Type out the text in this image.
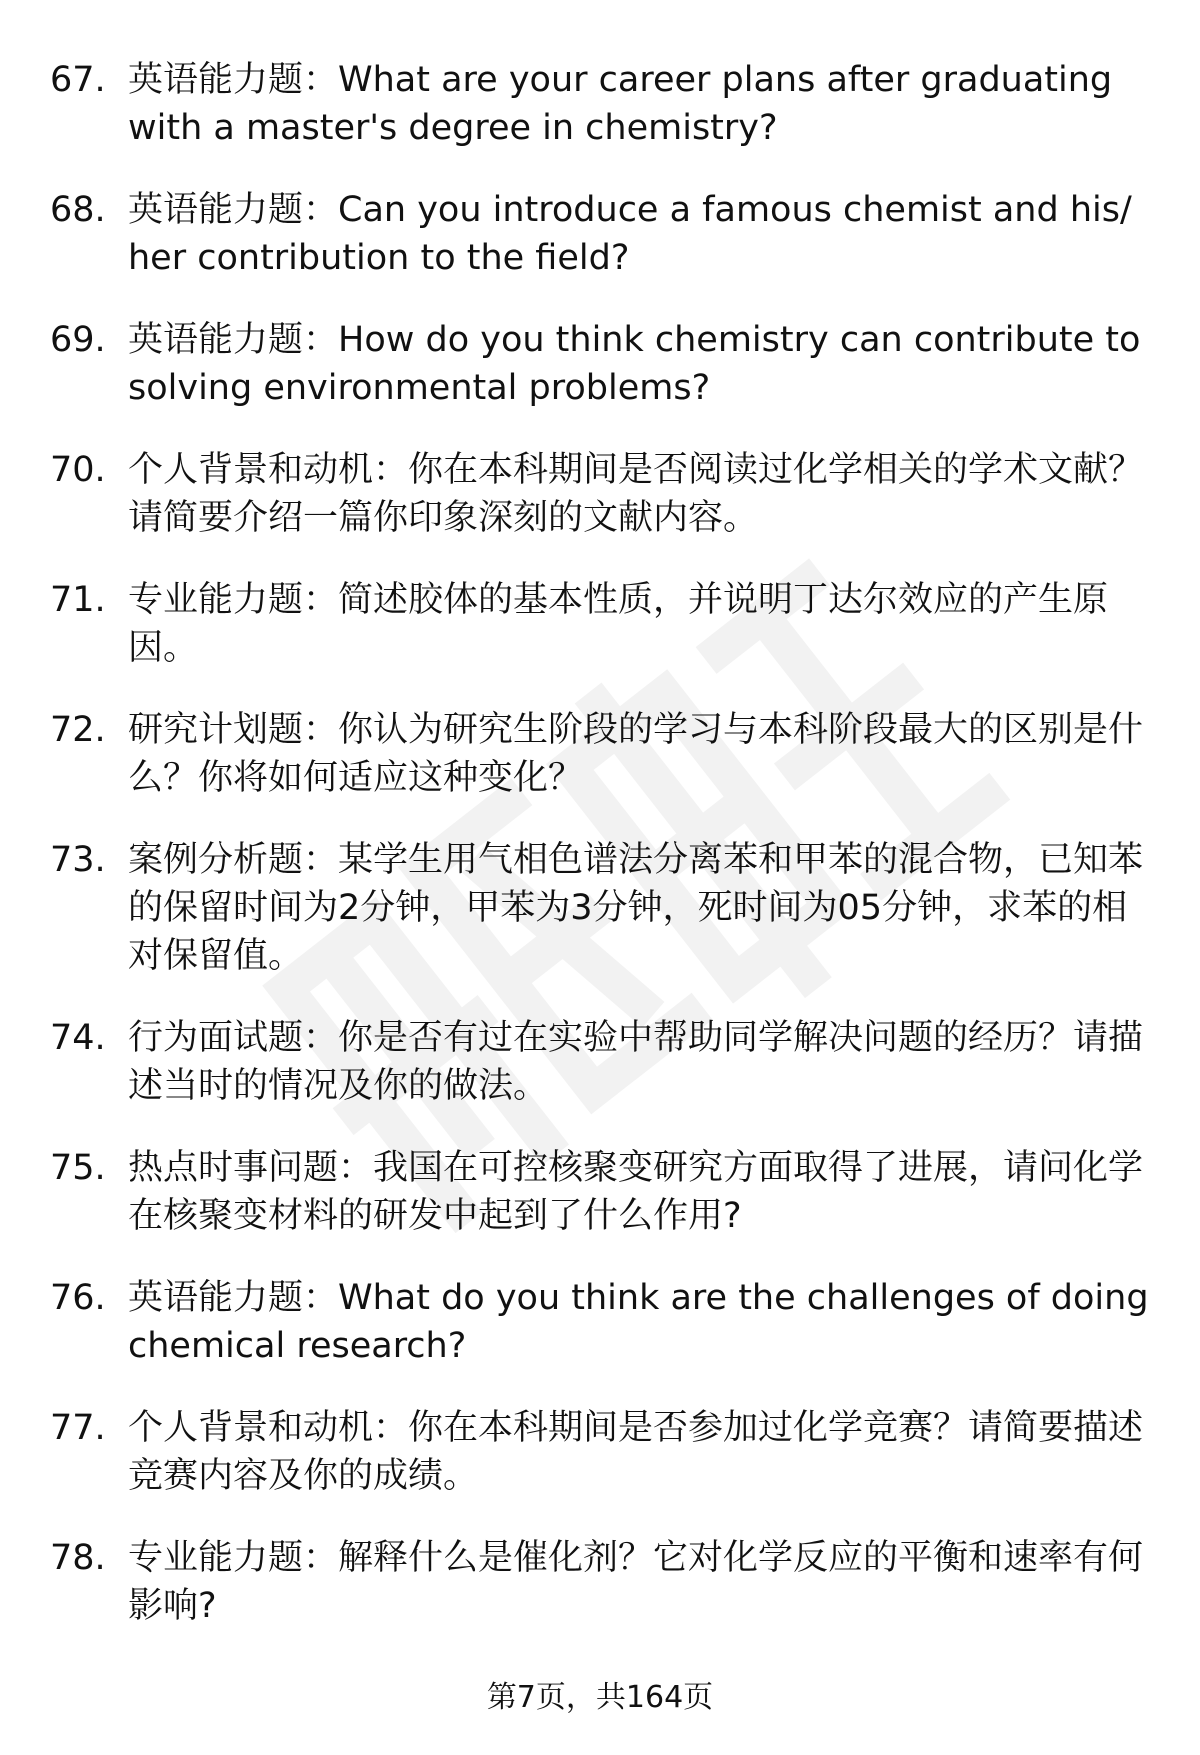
67. 英语能力题：What are your career plans after graduating with a master's degree in chemistry?
68. 英语能力题：Can you introduce a famous chemist and his/her contribution to the field?
69. 英语能力题：How do you think chemistry can contribute to solving environmental problems?
70. 个人背景和动机：你在本科期间是否阅读过化学相关的学术文献？请简要介绍一篇你印象深刻的文献内容。
71. 专业能力题：简述胶体的基本性质，并说明丁达尔效应的产生原因。
72. 研究计划题：你认为研究生阶段的学习与本科阶段最大的区别是什么？你将如何适应这种变化？
73. 案例分析题：某学生用气相色谱法分离苯和甲苯的混合物，已知苯的保留时间为2分钟，甲苯为3分钟，死时间为05分钟，求苯的相对保留值。
74. 行为面试题：你是否有过在实验中帮助同学解决问题的经历？请描述当时的情况及你的做法。
75. 热点时事问题：我国在可控核聚变研究方面取得了进展，请问化学在核聚变材料的研发中起到了什么作用?
76. 英语能力题：What do you think are the challenges of doing chemical research?
77. 个人背景和动机：你在本科期间是否参加过化学竞赛？请简要描述竞赛内容及你的成绩。
78. 专业能力题：解释什么是催化剂？它对化学反应的平衡和速率有何影响?
第7页，共164页
